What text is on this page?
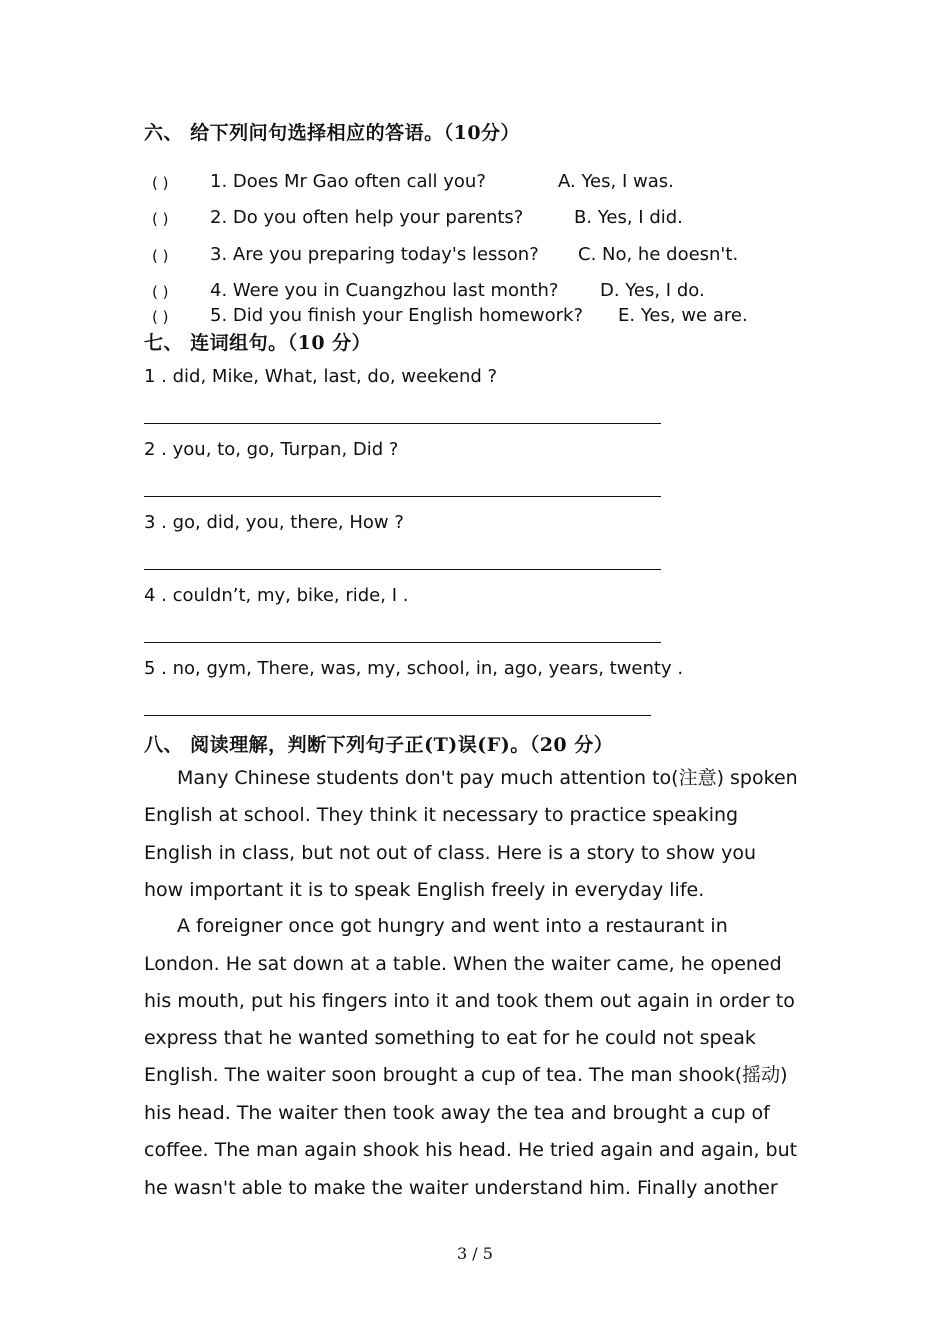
六、 给下列问句选择相应的答语。（10分）
( ) 1. Does Mr Gao often call you?	A. Yes, I was.
( ) 2. Do you often help your parents?	B. Yes, I did.
( ) 3. Are you preparing today's lesson? C. No, he doesn't.
( ) 4. Were you in Cuangzhou last month? D. Yes, I do.
( ) 5. Did you finish your English homework? E. Yes, we are.
七、 连词组句。（10 分）
1 . did, Mike, What, last, do, weekend ?
2 . you, to, go, Turpan, Did ?
3 . go, did, you, there, How ?
4 . couldn’t, my, bike, ride, I .
5 . no, gym, There, was, my, school, in, ago, years, twenty .
八、 阅读理解，判断下列句子正(T)误(F)。（20 分）
Many Chinese students don't pay much attention to(注意) spoken
English at school. They think it necessary to practice speaking
English in class, but not out of class. Here is a story to show you
how important it is to speak English freely in everyday life.
A foreigner once got hungry and went into a restaurant in
London. He sat down at a table. When the waiter came, he opened
his mouth, put his fingers into it and took them out again in order to
express that he wanted something to eat for he could not speak
English. The waiter soon brought a cup of tea. The man shook(摇动)
his head. The waiter then took away the tea and brought a cup of
coffee. The man again shook his head. He tried again and again, but
he wasn't able to make the waiter understand him. Finally another
3 / 5
